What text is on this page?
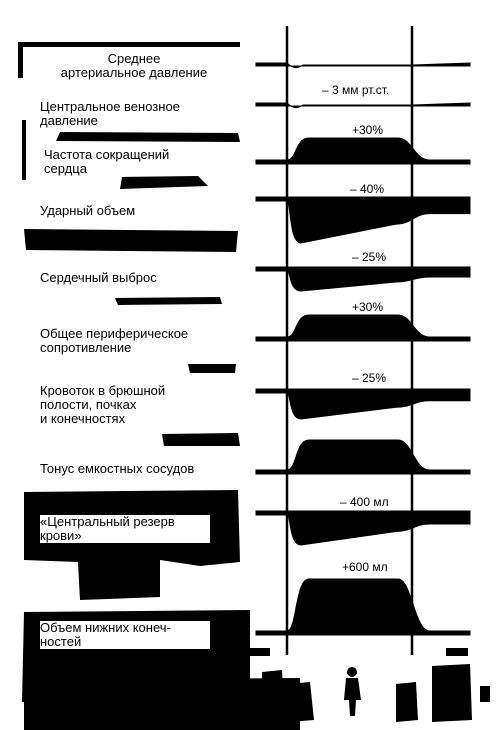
Среднее
артериальное давление
Центральное венозное
давление
Частота сокращений
сердца
Ударный объем
Сердечный выброс
Общее периферическое
сопротивление
Кровоток в брюшной
полости, почках
и конечностях
Тонус емкостных сосудов
«Центральный резерв
крови»
Объем нижних конеч-
ностей
– 3 мм рт.ст.
+30%
– 40%
– 25%
+30%
– 25%
– 400 мл
+600 мл
